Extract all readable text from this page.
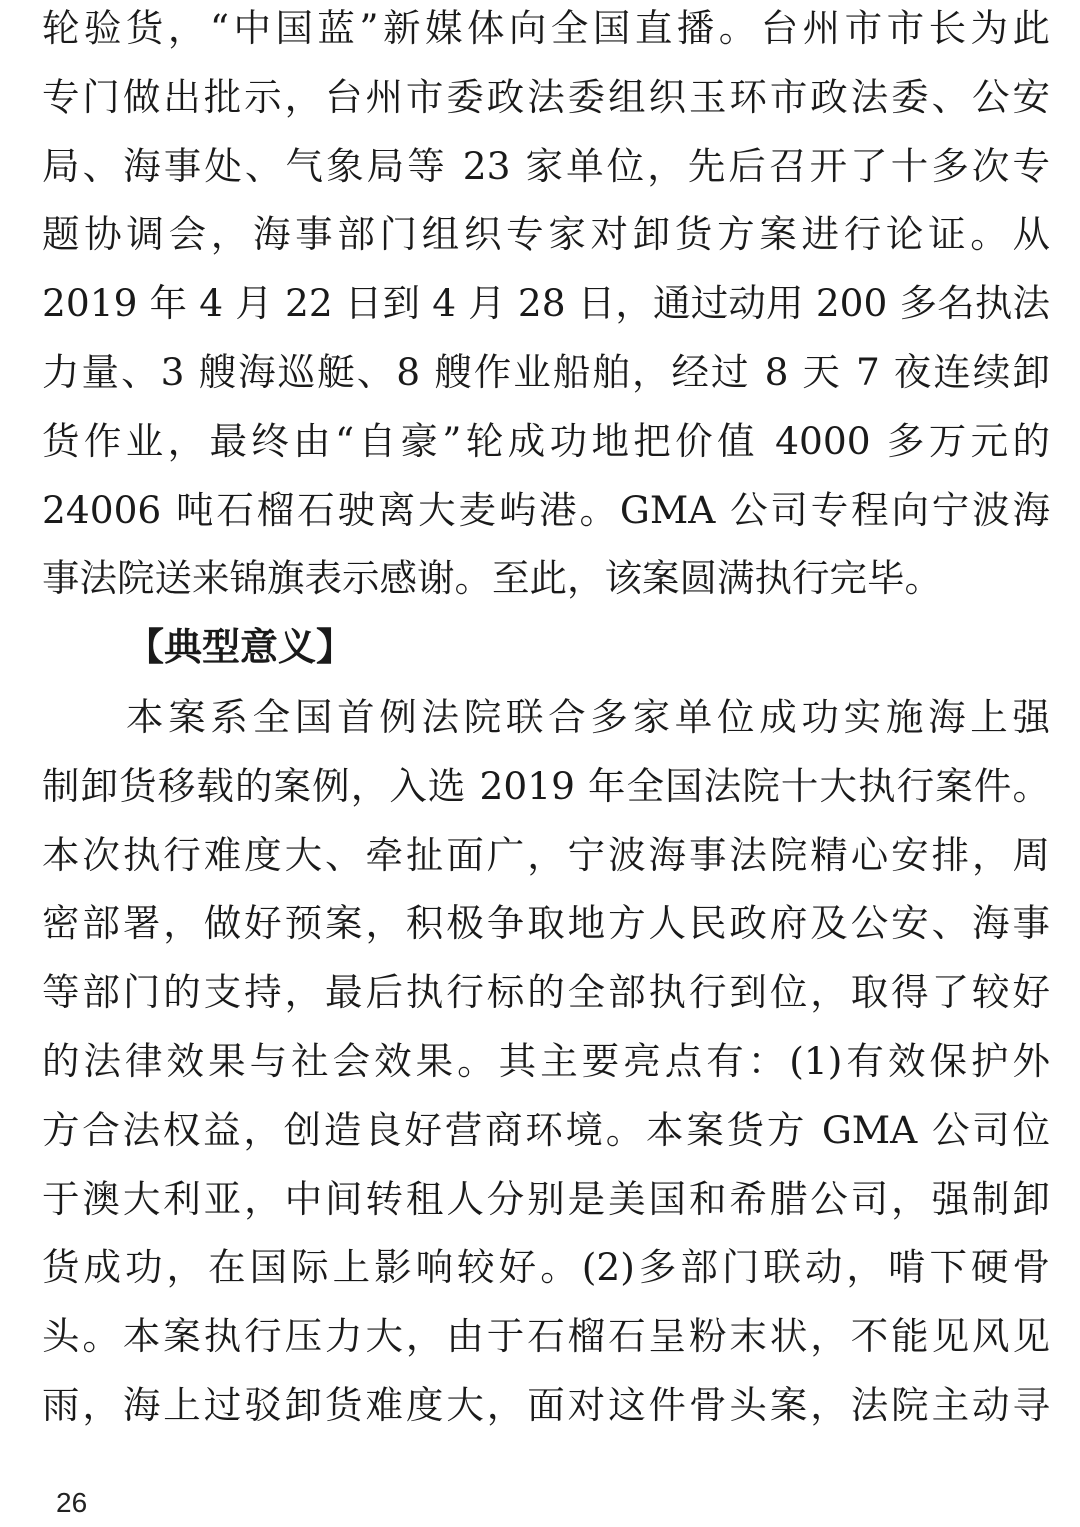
轮验货，“中国蓝”新媒体向全国直播。台州市市长为此
专门做出批示，台州市委政法委组织玉环市政法委、公安
局、海事处、气象局等 23 家单位，先后召开了十多次专
题协调会，海事部门组织专家对卸货方案进行论证。从
2019 年 4 月 22 日到 4 月 28 日，通过动用 200 多名执法
力量、3 艘海巡艇、8 艘作业船舶，经过 8 天 7 夜连续卸
货作业，最终由“自豪”轮成功地把价值 4000 多万元的
24006 吨石榴石驶离大麦屿港。GMA 公司专程向宁波海
事法院送来锦旗表示感谢。至此，该案圆满执行完毕。
【典型意义】
本案系全国首例法院联合多家单位成功实施海上强
制卸货移载的案例，入选 2019 年全国法院十大执行案件。
本次执行难度大、牵扯面广，宁波海事法院精心安排，周
密部署，做好预案，积极争取地方人民政府及公安、海事
等部门的支持，最后执行标的全部执行到位，取得了较好
的法律效果与社会效果。其主要亮点有：(1)有效保护外
方合法权益，创造良好营商环境。本案货方 GMA 公司位
于澳大利亚，中间转租人分别是美国和希腊公司，强制卸
货成功，在国际上影响较好。(2)多部门联动，啃下硬骨
头。本案执行压力大，由于石榴石呈粉末状，不能见风见
雨，海上过驳卸货难度大，面对这件骨头案，法院主动寻
26
